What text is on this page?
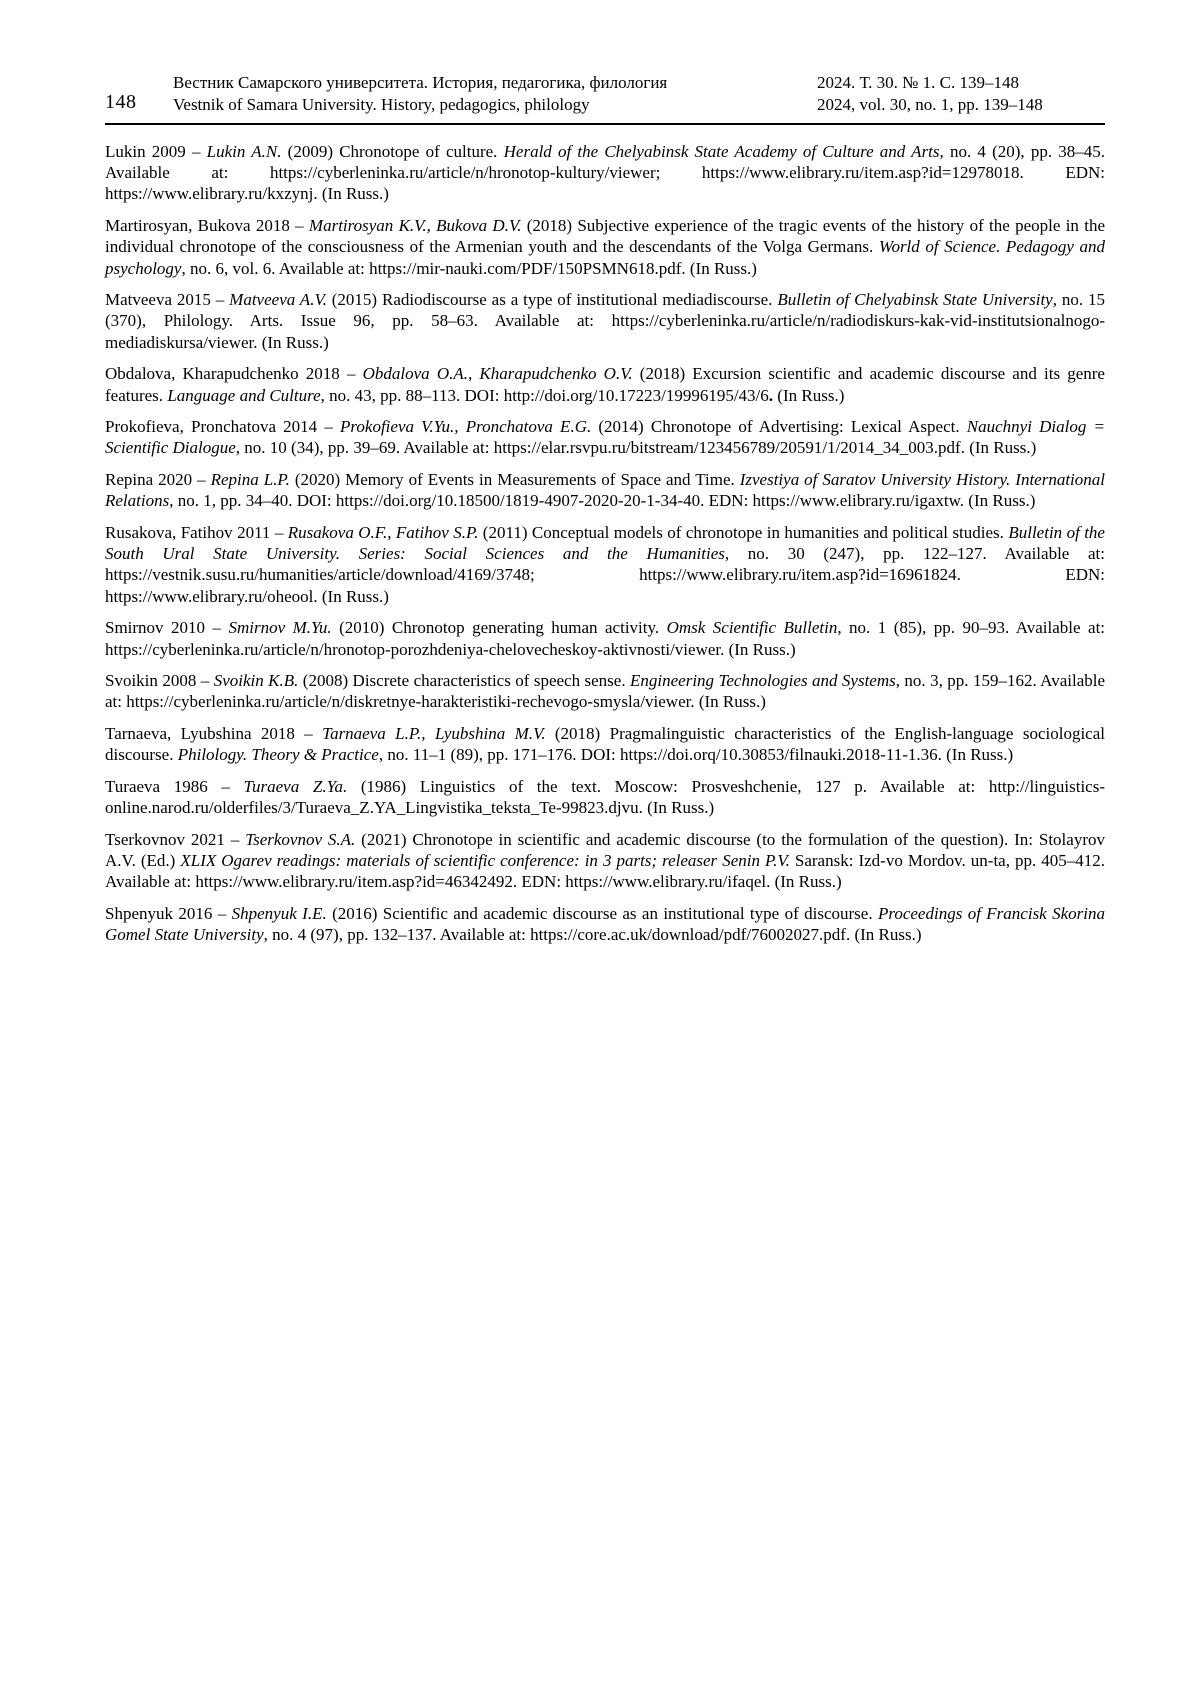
148
Вестник Самарского университета. История, педагогика, филология
Vestnik of Samara University. History, pedagogics, philology
2024. Т. 30. № 1. С. 139–148
2024, vol. 30, no. 1, pp. 139–148

Lukin 2009 – Lukin A.N. (2009) Chronotope of culture. Herald of the Chelyabinsk State Academy of Culture and Arts, no. 4 (20), pp. 38–45. Available at: https://cyberleninka.ru/article/n/hronotop-kultury/viewer; https://www.elibrary.ru/item.asp?id=12978018. EDN: https://www.elibrary.ru/kxzynj. (In Russ.)

Martirosyan, Bukova 2018 – Martirosyan K.V., Bukova D.V. (2018) Subjective experience of the tragic events of the history of the people in the individual chronotope of the consciousness of the Armenian youth and the descendants of the Volga Germans. World of Science. Pedagogy and psychology, no. 6, vol. 6. Available at: https://mir-nauki.com/PDF/150PSMN618.pdf. (In Russ.)

Matveeva 2015 – Matveeva A.V. (2015) Radiodiscourse as a type of institutional mediadiscourse. Bulletin of Chelyabinsk State University, no. 15 (370), Philology. Arts. Issue 96, pp. 58–63. Available at: https://cyberleninka.ru/article/n/radiodiskurs-kak-vid-institutsionalnogo-mediadiskursa/viewer. (In Russ.)

Obdalova, Kharapudchenko 2018 – Obdalova O.A., Kharapudchenko O.V. (2018) Excursion scientific and academic discourse and its genre features. Language and Culture, no. 43, pp. 88–113. DOI: http://doi.org/10.17223/19996195/43/6. (In Russ.)

Prokofieva, Pronchatova 2014 – Prokofieva V.Yu., Pronchatova E.G. (2014) Chronotope of Advertising: Lexical Aspect. Nauchnyi Dialog = Scientific Dialogue, no. 10 (34), pp. 39–69. Available at: https://elar.rsvpu.ru/bitstream/123456789/20591/1/2014_34_003.pdf. (In Russ.)

Repina 2020 – Repina L.P. (2020) Memory of Events in Measurements of Space and Time. Izvestiya of Saratov University History. International Relations, no. 1, pp. 34–40. DOI: https://doi.org/10.18500/1819-4907-2020-20-1-34-40. EDN: https://www.elibrary.ru/igaxtw. (In Russ.)

Rusakova, Fatihov 2011 – Rusakova O.F., Fatihov S.P. (2011) Conceptual models of chronotope in humanities and political studies. Bulletin of the South Ural State University. Series: Social Sciences and the Humanities, no. 30 (247), pp. 122–127. Available at: https://vestnik.susu.ru/humanities/article/download/4169/3748; https://www.elibrary.ru/item.asp?id=16961824. EDN: https://www.elibrary.ru/oheool. (In Russ.)

Smirnov 2010 – Smirnov M.Yu. (2010) Chronotop generating human activity. Omsk Scientific Bulletin, no. 1 (85), pp. 90–93. Available at: https://cyberleninka.ru/article/n/hronotop-porozhdeniya-chelovecheskoy-aktivnosti/viewer. (In Russ.)

Svoikin 2008 – Svoikin K.B. (2008) Discrete characteristics of speech sense. Engineering Technologies and Systems, no. 3, pp. 159–162. Available at: https://cyberleninka.ru/article/n/diskretnye-harakteristiki-rechevogo-smysla/viewer. (In Russ.)

Tarnaeva, Lyubshina 2018 – Tarnaeva L.P., Lyubshina M.V. (2018) Pragmalinguistic characteristics of the English-language sociological discourse. Philology. Theory & Practice, no. 11–1 (89), pp. 171–176. DOI: https://doi.orq/10.30853/filnauki.2018-11-1.36. (In Russ.)

Turaeva 1986 – Turaeva Z.Ya. (1986) Linguistics of the text. Moscow: Prosveshchenie, 127 p. Available at: http://linguistics-online.narod.ru/olderfiles/3/Turaeva_Z.YA_Lingvistika_teksta_Te-99823.djvu. (In Russ.)

Tserkovnov 2021 – Tserkovnov S.A. (2021) Chronotope in scientific and academic discourse (to the formulation of the question). In: Stolayrov A.V. (Ed.) XLIX Ogarev readings: materials of scientific conference: in 3 parts; releaser Senin P.V. Saransk: Izd-vo Mordov. un-ta, pp. 405–412. Available at: https://www.elibrary.ru/item.asp?id=46342492. EDN: https://www.elibrary.ru/ifaqel. (In Russ.)

Shpenyuk 2016 – Shpenyuk I.E. (2016) Scientific and academic discourse as an institutional type of discourse. Proceedings of Francisk Skorina Gomel State University, no. 4 (97), pp. 132–137. Available at: https://core.ac.uk/download/pdf/76002027.pdf. (In Russ.)
